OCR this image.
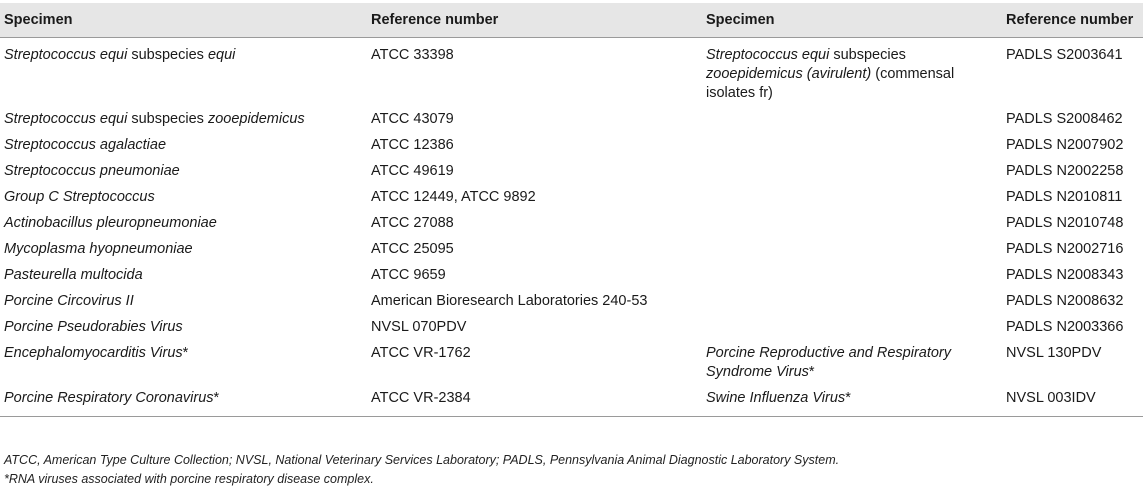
Specimen	Reference number	Specimen	Reference number
Streptococcus equi subspecies equi	ATCC 33398	Streptococcus equi subspecies zooepidemicus (avirulent) (commensal isolates fr)	PADLS S2003641
Streptococcus equi subspecies zooepidemicus	ATCC 43079		PADLS S2008462
Streptococcus agalactiae	ATCC 12386		PADLS N2007902
Streptococcus pneumoniae	ATCC 49619		PADLS N2002258
Group C Streptococcus	ATCC 12449, ATCC 9892		PADLS N2010811
Actinobacillus pleuropneumoniae	ATCC 27088		PADLS N2010748
Mycoplasma hyopneumoniae	ATCC 25095		PADLS N2002716
Pasteurella multocida	ATCC 9659		PADLS N2008343
Porcine Circovirus II	American Bioresearch Laboratories 240-53		PADLS N2008632
Porcine Pseudorabies Virus	NVSL 070PDV		PADLS N2003366
Encephalomyocarditis Virus*	ATCC VR-1762	Porcine Reproductive and Respiratory Syndrome Virus*	NVSL 130PDV
Porcine Respiratory Coronavirus*	ATCC VR-2384	Swine Influenza Virus*	NVSL 003IDV
ATCC, American Type Culture Collection; NVSL, National Veterinary Services Laboratory; PADLS, Pennsylvania Animal Diagnostic Laboratory System.
*RNA viruses associated with porcine respiratory disease complex.
